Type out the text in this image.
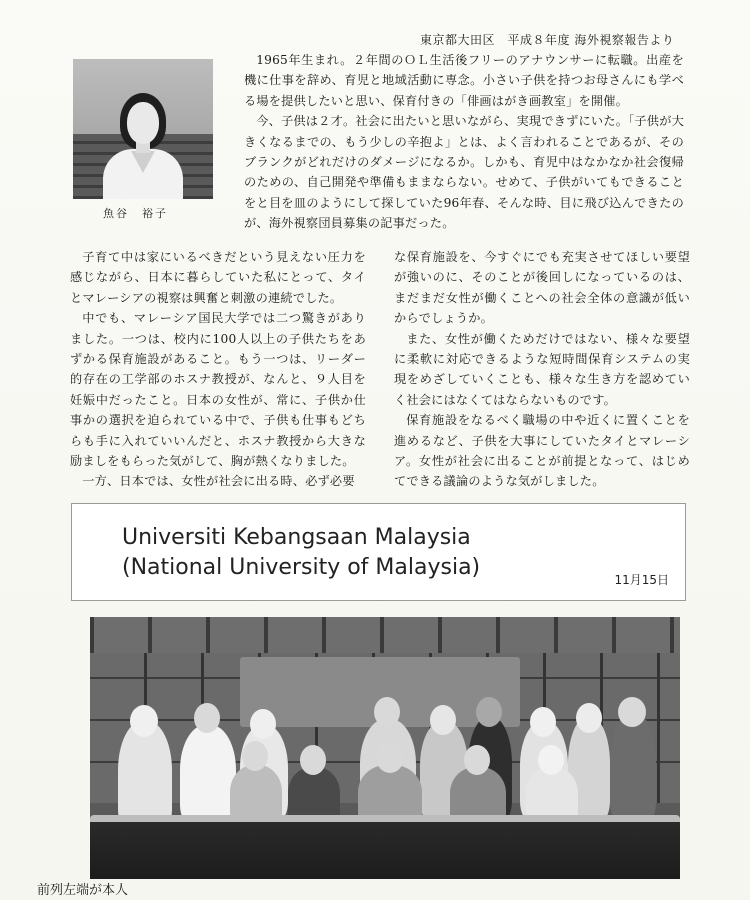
東京都大田区　平成８年度 海外視察報告より
魚谷　裕子

1965年生まれ。２年間のＯＬ生活後フリーのアナウンサーに転職。出産を機に仕事を辞め、育児と地域活動に専念。小さい子供を持つお母さんにも学べる場を提供したいと思い、保育付きの「俳画はがき画教室」を開催。

今、子供は２才。社会に出たいと思いながら、実現できずにいた。「子供が大きくなるまでの、もう少しの辛抱よ」とは、よく言われることであるが、そのブランクがどれだけのダメージになるか。しかも、育児中はなかなか社会復帰のための、自己開発や準備もままならない。せめて、子供がいてもできることをと目を皿のようにして探していた96年春、そんな時、目に飛び込んできたのが、海外視察団員募集の記事だった。

子育て中は家にいるべきだという見えない圧力を感じながら、日本に暮らしていた私にとって、タイとマレーシアの視察は興奮と刺激の連続でした。

中でも、マレーシア国民大学では二つ驚きがありました。一つは、校内に100人以上の子供たちをあずかる保育施設があること。もう一つは、リーダー的存在の工学部のホスナ教授が、なんと、９人目を妊娠中だったこと。日本の女性が、常に、子供か仕事かの選択を迫られている中で、子供も仕事もどちらも手に入れていいんだと、ホスナ教授から大きな励ましをもらった気がして、胸が熱くなりました。

一方、日本では、女性が社会に出る時、必ず必要

な保育施設を、今すぐにでも充実させてほしい要望が強いのに、そのことが後回しになっているのは、まだまだ女性が働くことへの社会全体の意識が低いからでしょうか。

また、女性が働くためだけではない、様々な要望に柔軟に対応できるような短時間保育システムの実現をめざしていくことも、様々な生き方を認めていく社会にはなくてはならないものです。

保育施設をなるべく職場の中や近くに置くことを進めるなど、子供を大事にしていたタイとマレーシア。女性が社会に出ることが前提となって、はじめてできる議論のような気がしました。

Universiti Kebangsaan Malaysia
(National University of Malaysia)	11月15日
前列左端が本人
